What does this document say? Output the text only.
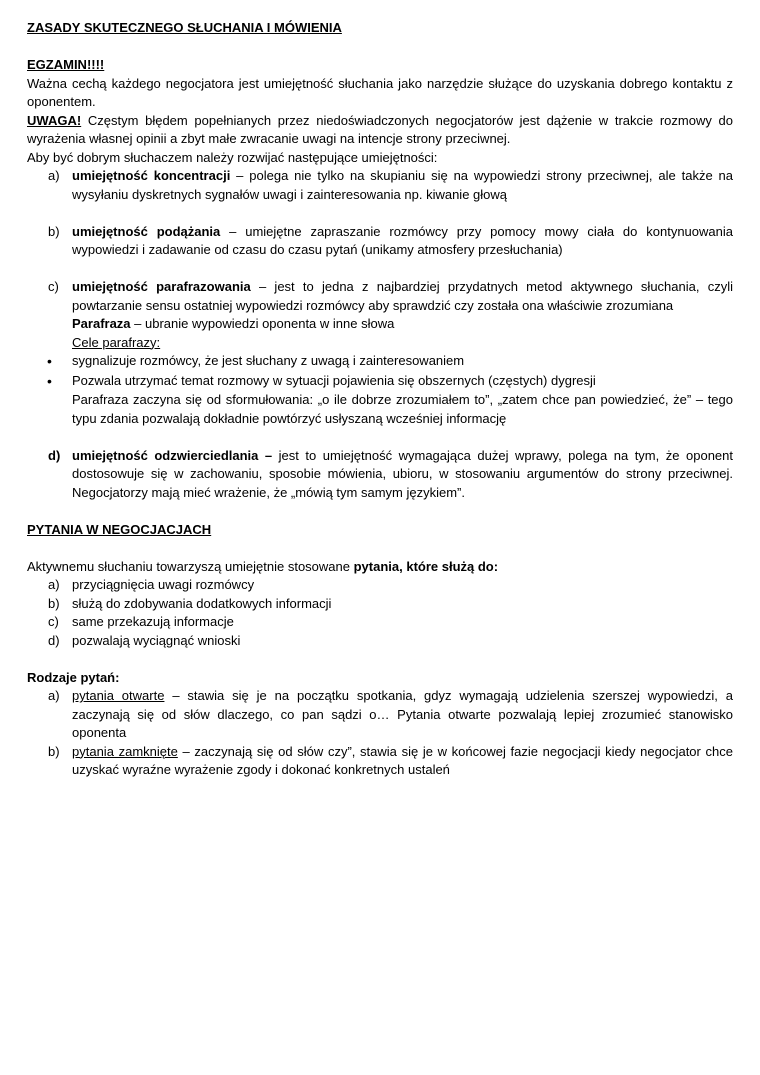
ZASADY SKUTECZNEGO SŁUCHANIA I MÓWIENIA
EGZAMIN!!!!
Ważna cechą każdego negocjatora jest umiejętność słuchania jako narzędzie służące do uzyskania dobrego kontaktu z oponentem.
UWAGA! Częstym błędem popełnianych przez niedoświadczonych negocjatorów jest dążenie w trakcie rozmowy do wyrażenia własnej opinii a zbyt małe zwracanie uwagi na intencje strony przeciwnej.
Aby być dobrym słuchaczem należy rozwijać następujące umiejętności:
a) umiejętność koncentracji – polega nie tylko na skupianiu się na wypowiedzi strony przeciwnej, ale także na wysyłaniu dyskretnych sygnałów uwagi i zainteresowania np. kiwanie głową
b) umiejętność podążania – umiejętne zapraszanie rozmówcy przy pomocy mowy ciała do kontynuowania wypowiedzi i zadawanie od czasu do czasu pytań (unikamy atmosfery przesłuchania)
c)	umiejętność parafrazowania – jest to jedna z najbardziej przydatnych metod aktywnego słuchania, czyli powtarzanie sensu ostatniej wypowiedzi rozmówcy aby sprawdzić czy została ona właściwie zrozumiana
Parafraza – ubranie wypowiedzi oponenta w inne słowa
Cele parafrazy:
•
sygnalizuje rozmówcy, że jest słuchany z uwagą i zainteresowaniem
•
Pozwala utrzymać temat rozmowy w sytuacji pojawienia się obszernych (częstych) dygresji
Parafraza zaczyna się od sformułowania: „o ile dobrze zrozumiałem to”, „zatem chce pan powiedzieć, że” – tego typu zdania pozwalają dokładnie powtórzyć usłyszaną wcześniej informację
d) umiejętność odzwierciedlania – jest to umiejętność wymagająca dużej wprawy, polega na tym, że oponent dostosowuje się w zachowaniu, sposobie mówienia, ubioru, w stosowaniu argumentów do strony przeciwnej. Negocjatorzy mają mieć wrażenie, że „mówią tym samym językiem”.
PYTANIA W NEGOCJACJACH
Aktywnemu słuchaniu towarzyszą umiejętnie stosowane pytania, które służą do:
a) przyciągnięcia uwagi rozmówcy
b) służą do zdobywania dodatkowych informacji
c)	same przekazują informacje
d) pozwalają wyciągnąć wnioski
Rodzaje pytań:
a) pytania otwarte – stawia się je na początku spotkania, gdyz wymagają udzielenia szerszej wypowiedzi, a zaczynają się od słów dlaczego, co pan sądzi o… Pytania otwarte pozwalają lepiej zrozumieć stanowisko oponenta
b) pytania zamknięte – zaczynają się od słów czy”, stawia się je w końcowej fazie negocjacji kiedy negocjator chce uzyskać wyraźne wyrażenie zgody i dokonać konkretnych ustaleń
